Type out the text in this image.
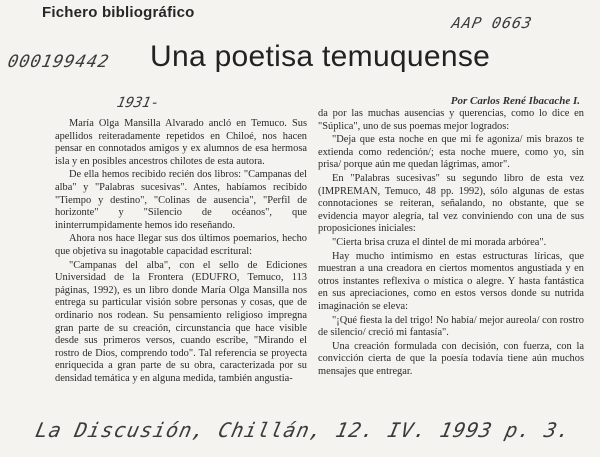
Fichero bibliográfico
AAP 0663
000199442 Una poetisa temuquense
1931-	Por Carlos René Ibacache I.

María Olga Mansilla Alvarado ancló en Temuco. Sus apellidos reiteradamente repetidos en Chiloé, nos hacen pensar en connotados amigos y ex alumnos de esa hermosa isla y en posibles ancestros chilotes de esta autora.

De ella hemos recibido recién dos libros: "Campanas del alba" y "Palabras sucesivas". Antes, habíamos recibido "Tiempo y destino", "Colinas de ausencia", "Perfil de horizonte" y "Silencio de océanos", que ininterrumpidamente hemos ido reseñando.

Ahora nos hace llegar sus dos últimos poemarios, hecho que objetiva su inagotable capacidad escritural:

"Campanas del alba", con el sello de Ediciones Universidad de la Frontera (EDUFRO, Temuco, 113 páginas, 1992), es un libro donde María Olga Mansilla nos entrega su particular visión sobre personas y cosas, que de ordinario nos rodean. Su pensamiento religioso impregna gran parte de su creación, circunstancia que hace visible desde sus primeros versos, cuando escribe, "Mirando el rostro de Dios, comprendo todo". Tal referencia se proyecta enriquecida a gran parte de su obra, caracterizada por su densidad temática y en alguna medida, también angustia-

da por las muchas ausencias y querencias, como lo dice en "Súplica", uno de sus poemas mejor logrados:

"Deja que esta noche en que mi fe agoniza/ mis brazos te extienda como redención/; esta noche muere, como yo, sin prisa/ porque aún me quedan lágrimas, amor".

En "Palabras sucesivas" su segundo libro de esta vez (IMPREMAN, Temuco, 48 pp. 1992), sólo algunas de estas connotaciones se reiteran, señalando, no obstante, que se evidencia mayor alegría, tal vez conviniendo con una de sus proposiciones iniciales:

"Cierta brisa cruza el dintel de mi morada arbórea".

Hay mucho intimismo en estas estructuras líricas, que muestran a una creadora en ciertos momentos angustiada y en otros instantes reflexiva o mística o alegre. Y hasta fantástica en sus apreciaciones, como en estos versos donde su nutrida imaginación se eleva:

"¡Qué fiesta la del trigo! No había/ mejor aureola/ con rostro de silencio/ creció mi fantasía".

Una creación formulada con decisión, con fuerza, con la convicción cierta de que la poesía todavía tiene aún muchos mensajes que entregar.

La Discusión, Chillán, 12. IV. 1993 p. 3.
